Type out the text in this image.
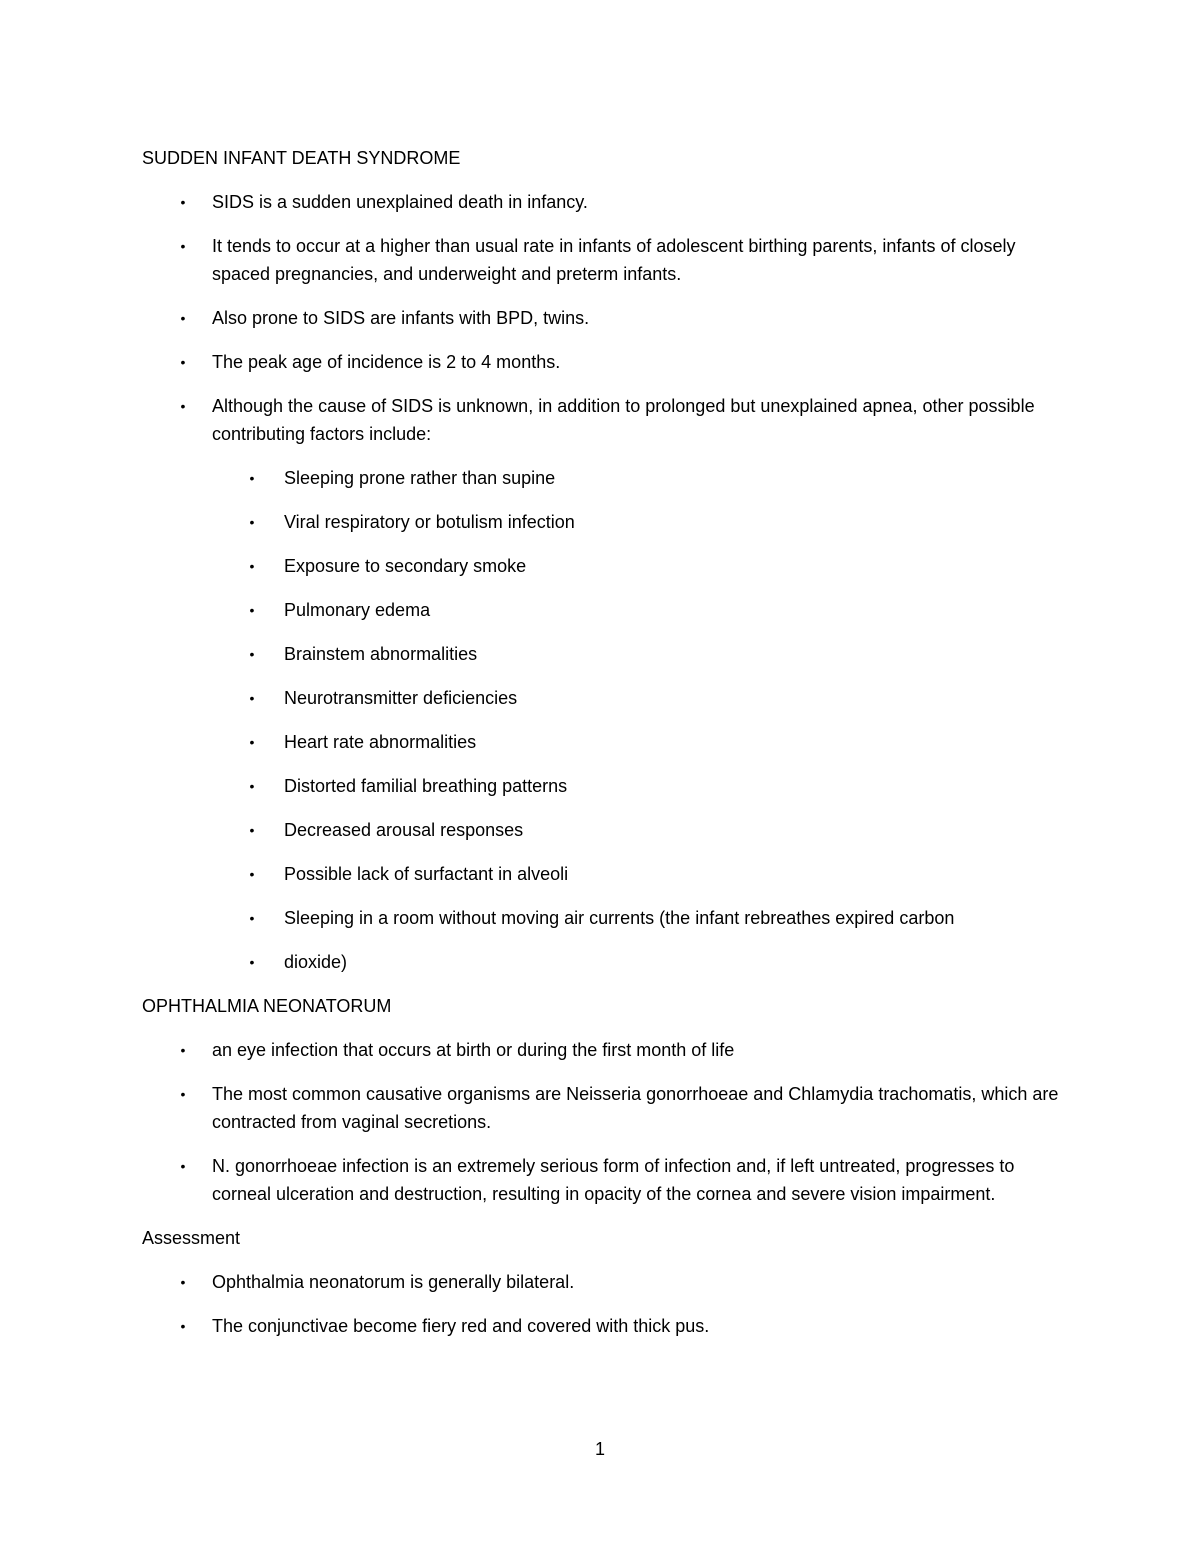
SUDDEN INFANT DEATH SYNDROME
• SIDS is a sudden unexplained death in infancy.
• It tends to occur at a higher than usual rate in infants of adolescent birthing parents, infants of closely spaced pregnancies, and underweight and preterm infants.
• Also prone to SIDS are infants with BPD, twins.
• The peak age of incidence is 2 to 4 months.
• Although the cause of SIDS is unknown, in addition to prolonged but unexplained apnea, other possible contributing factors include:
• Sleeping prone rather than supine
• Viral respiratory or botulism infection
• Exposure to secondary smoke
• Pulmonary edema
• Brainstem abnormalities
• Neurotransmitter deficiencies
• Heart rate abnormalities
• Distorted familial breathing patterns
• Decreased arousal responses
• Possible lack of surfactant in alveoli
• Sleeping in a room without moving air currents (the infant rebreathes expired carbon
• dioxide)
OPHTHALMIA NEONATORUM
• an eye infection that occurs at birth or during the first month of life
• The most common causative organisms are Neisseria gonorrhoeae and Chlamydia trachomatis, which are contracted from vaginal secretions.
• N. gonorrhoeae infection is an extremely serious form of infection and, if left untreated, progresses to corneal ulceration and destruction, resulting in opacity of the cornea and severe vision impairment.
Assessment
• Ophthalmia neonatorum is generally bilateral.
• The conjunctivae become fiery red and covered with thick pus.
1
